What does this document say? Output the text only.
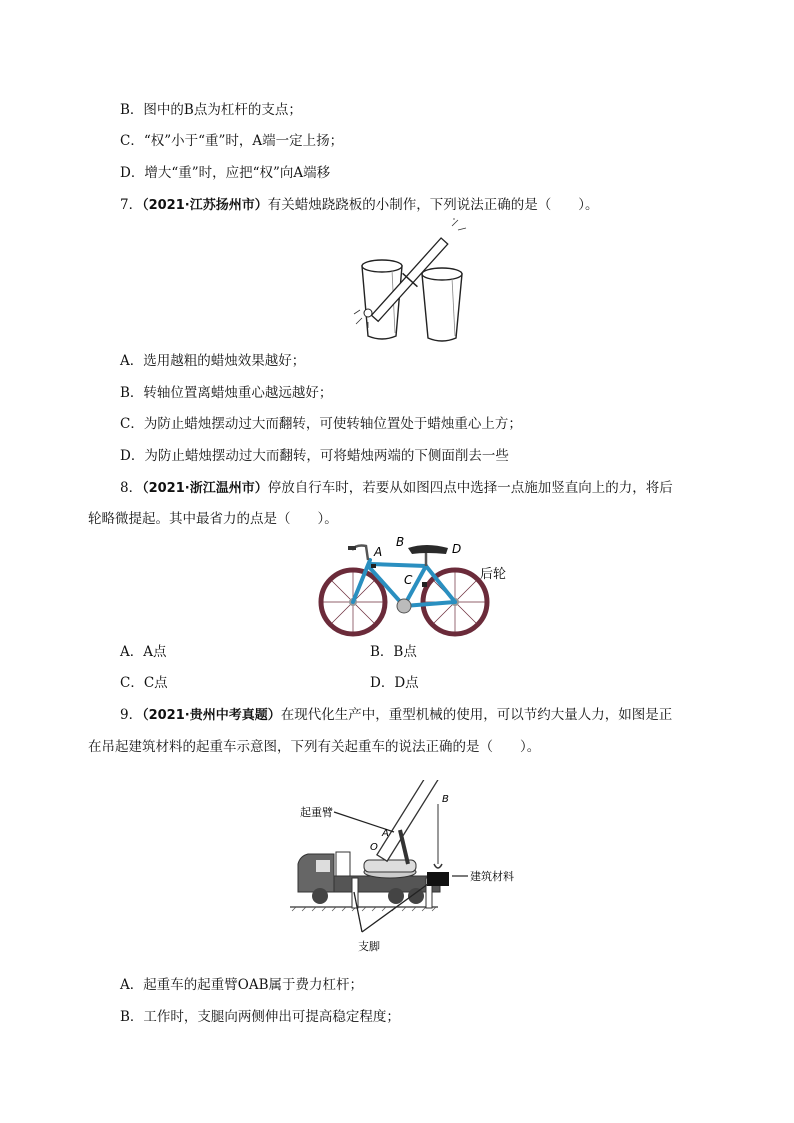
B．图中的B点为杠杆的支点；
C．“权”小于“重”时，A端一定上扬；
D．增大“重”时，应把“权”向A端移
7．（2021·江苏扬州市）有关蜡烛跷跷板的小制作，下列说法正确的是（　　）。
A．选用越粗的蜡烛效果越好；
B．转轴位置离蜡烛重心越远越好；
C．为防止蜡烛摆动过大而翻转，可使转轴位置处于蜡烛重心上方；
D．为防止蜡烛摆动过大而翻转，可将蜡烛两端的下侧面削去一些
8．（2021·浙江温州市）停放自行车时，若要从如图四点中选择一点施加竖直向上的力，将后
轮略微提起。其中最省力的点是（　　）。
A
B	D
C	后轮
A．A点	B．B点
C．C点	D．D点
9．（2021·贵州中考真题）在现代化生产中，重型机械的使用，可以节约大量人力，如图是正
在吊起建筑材料的起重车示意图，下列有关起重车的说法正确的是（　　）。
起重臂
建筑材料
支脚
O
A
B
A．起重车的起重臂OAB属于费力杠杆；
B．工作时，支腿向两侧伸出可提高稳定程度；
